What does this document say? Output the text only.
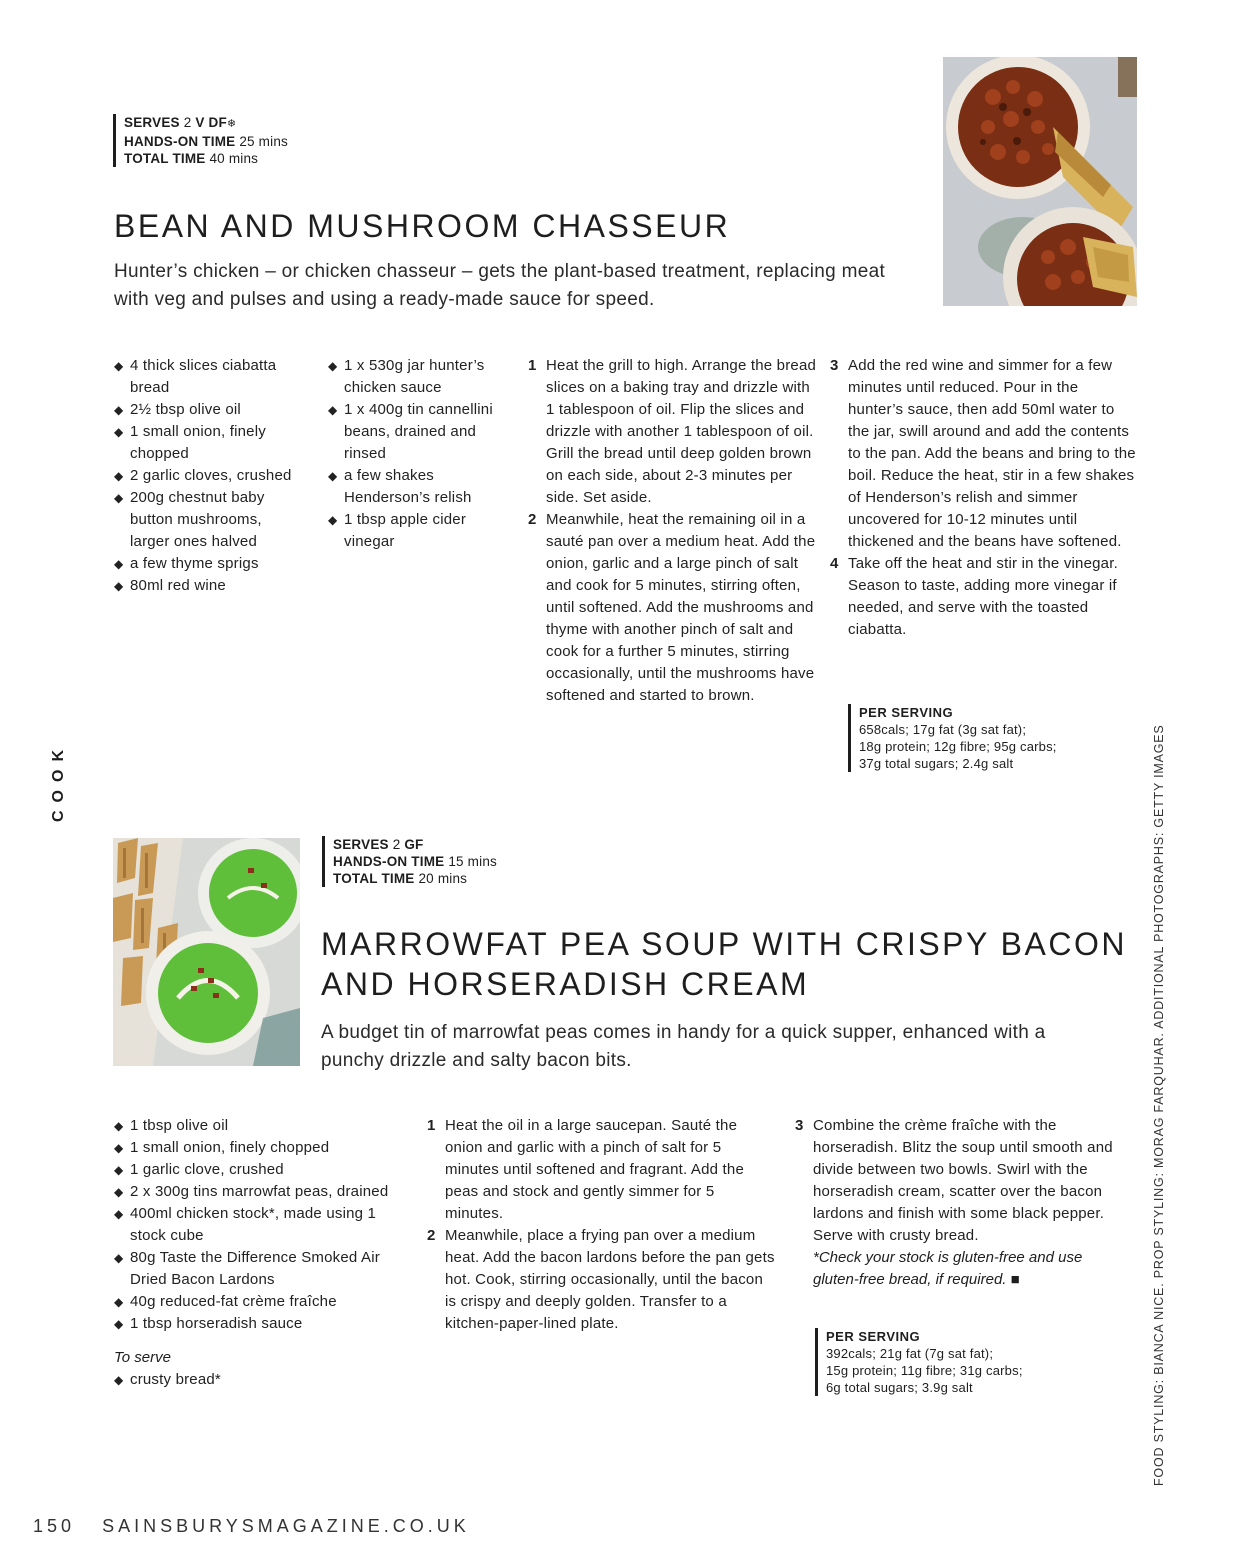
SERVES 2 V DF❄
HANDS-ON TIME 25 mins
TOTAL TIME 40 mins
BEAN AND MUSHROOM CHASSEUR
Hunter’s chicken – or chicken chasseur – gets the plant-based treatment, replacing meat with veg and pulses and using a ready-made sauce for speed.
◆ 4 thick slices ciabatta bread
◆ 2½ tbsp olive oil
◆ 1 small onion, finely chopped
◆ 2 garlic cloves, crushed
◆ 200g chestnut baby button mushrooms, larger ones halved
◆ a few thyme sprigs
◆ 80ml red wine
◆ 1 x 530g jar hunter’s chicken sauce
◆ 1 x 400g tin cannellini beans, drained and rinsed
◆ a few shakes Henderson’s relish
◆ 1 tbsp apple cider vinegar
1 Heat the grill to high. Arrange the bread slices on a baking tray and drizzle with 1 tablespoon of oil. Flip the slices and drizzle with another 1 tablespoon of oil. Grill the bread until deep golden brown on each side, about 2-3 minutes per side. Set aside.
2 Meanwhile, heat the remaining oil in a sauté pan over a medium heat. Add the onion, garlic and a large pinch of salt and cook for 5 minutes, stirring often, until softened. Add the mushrooms and thyme with another pinch of salt and cook for a further 5 minutes, stirring occasionally, until the mushrooms have softened and started to brown.
3 Add the red wine and simmer for a few minutes until reduced. Pour in the hunter’s sauce, then add 50ml water to the jar, swill around and add the contents to the pan. Add the beans and bring to the boil. Reduce the heat, stir in a few shakes of Henderson’s relish and simmer uncovered for 10-12 minutes until thickened and the beans have softened.
4 Take off the heat and stir in the vinegar. Season to taste, adding more vinegar if needed, and serve with the toasted ciabatta.
PER SERVING
658cals; 17g fat (3g sat fat);
18g protein; 12g fibre; 95g carbs;
37g total sugars; 2.4g salt
COOK	FOOD STYLING: BIANCA NICE. PROP STYLING: MORAG FARQUHAR. ADDITIONAL PHOTOGRAPHS: GETTY IMAGES
SERVES 2 GF
HANDS-ON TIME 15 mins
TOTAL TIME 20 mins
MARROWFAT PEA SOUP WITH CRISPY BACON
AND HORSERADISH CREAM
A budget tin of marrowfat peas comes in handy for a quick supper, enhanced with a punchy drizzle and salty bacon bits.
◆ 1 tbsp olive oil
◆ 1 small onion, finely chopped
◆ 1 garlic clove, crushed
◆ 2 x 300g tins marrowfat peas, drained
◆ 400ml chicken stock*, made using 1 stock cube
◆ 80g Taste the Difference Smoked Air Dried Bacon Lardons
◆ 40g reduced-fat crème fraîche
◆ 1 tbsp horseradish sauce
To serve
◆ crusty bread*
1 Heat the oil in a large saucepan. Sauté the onion and garlic with a pinch of salt for 5 minutes until softened and fragrant. Add the peas and stock and gently simmer for 5 minutes.
2 Meanwhile, place a frying pan over a medium heat. Add the bacon lardons before the pan gets hot. Cook, stirring occasionally, until the bacon is crispy and deeply golden. Transfer to a kitchen-paper-lined plate.
3 Combine the crème fraîche with the horseradish. Blitz the soup until smooth and divide between two bowls. Swirl with the horseradish cream, scatter over the bacon lardons and finish with some black pepper. Serve with crusty bread.
*Check your stock is gluten-free and use gluten-free bread, if required. ■
PER SERVING
392cals; 21g fat (7g sat fat);
15g protein; 11g fibre; 31g carbs;
6g total sugars; 3.9g salt
150 SAINSBURYSMAGAZINE.CO.UK
